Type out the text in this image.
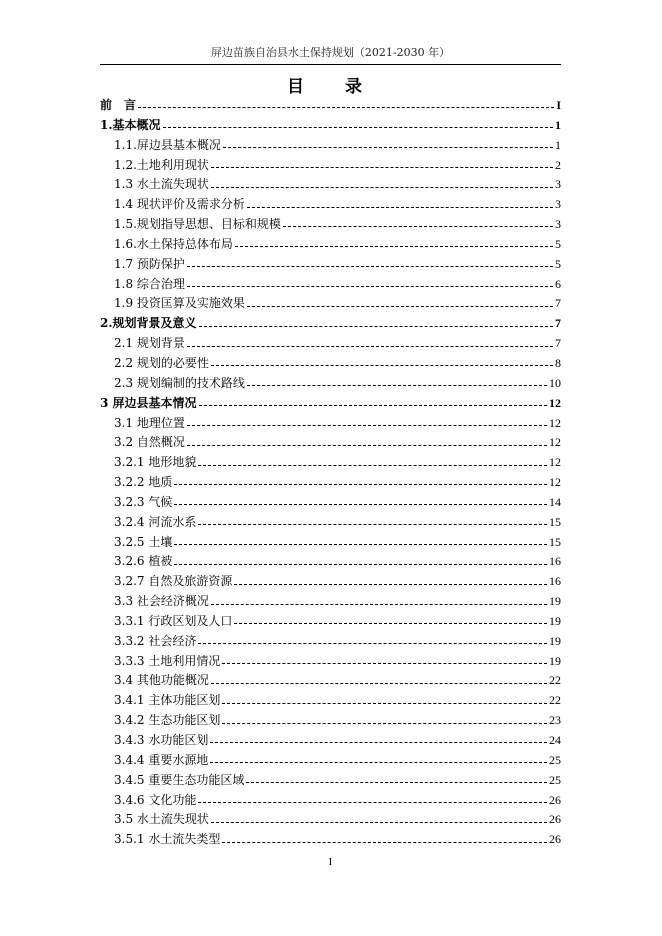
屏边苗族自治县水土保持规划（2021-2030 年）
目　录
前　言	I
1.基本概况	1
1.1.屏边县基本概况	1
1.2.土地利用现状	2
1.3 水土流失现状	3
1.4 现状评价及需求分析	3
1.5.规划指导思想、目标和规模	3
1.6.水土保持总体布局	5
1.7 预防保护	5
1.8 综合治理	6
1.9 投资匡算及实施效果	7
2.规划背景及意义	7
2.1 规划背景	7
2.2 规划的必要性	8
2.3 规划编制的技术路线	10
3 屏边县基本情况	12
3.1 地理位置	12
3.2 自然概况	12
3.2.1 地形地貌	12
3.2.2 地质	12
3.2.3 气候	14
3.2.4 河流水系	15
3.2.5 土壤	15
3.2.6 植被	16
3.2.7 自然及旅游资源	16
3.3 社会经济概况	19
3.3.1 行政区划及人口	19
3.3.2 社会经济	19
3.3.3 土地利用情况	19
3.4 其他功能概况	22
3.4.1 主体功能区划	22
3.4.2 生态功能区划	23
3.4.3 水功能区划	24
3.4.4 重要水源地	25
3.4.5 重要生态功能区域	25
3.4.6 文化功能	26
3.5 水土流失现状	26
3.5.1 水土流失类型	26
I
